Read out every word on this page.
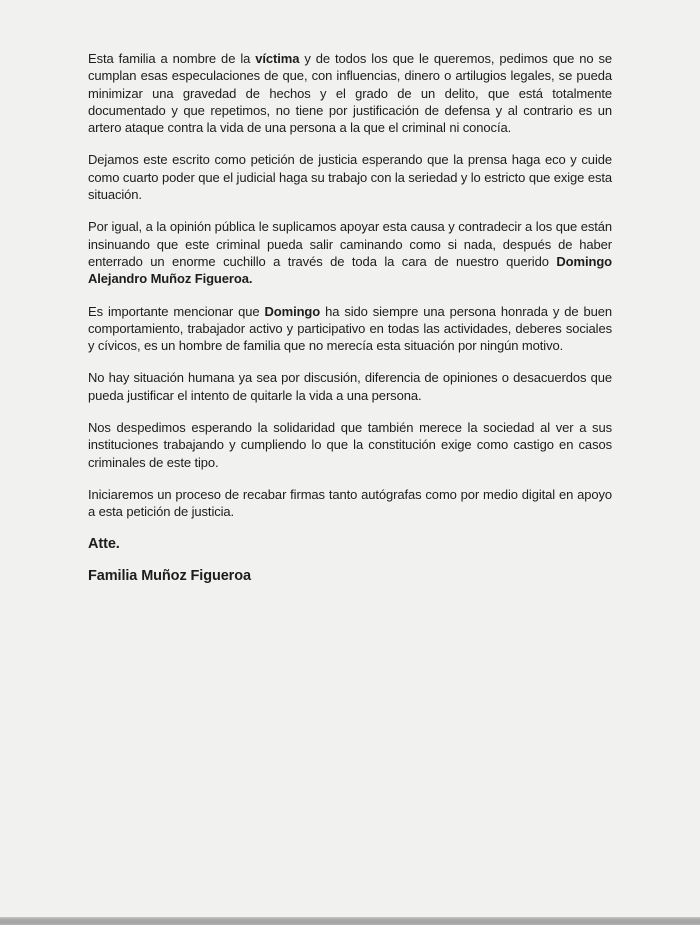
Esta familia a nombre de la víctima y de todos los que le queremos, pedimos que no se cumplan esas especulaciones de que, con influencias, dinero o artilugios legales, se pueda minimizar una gravedad de hechos y el grado de un delito, que está totalmente documentado y que repetimos, no tiene por justificación de defensa y al contrario es un artero ataque contra la vida de una persona a la que el criminal ni conocía.

Dejamos este escrito como petición de justicia esperando que la prensa haga eco y cuide como cuarto poder que el judicial haga su trabajo con la seriedad y lo estricto que exige esta situación.

Por igual, a la opinión pública le suplicamos apoyar esta causa y contradecir a los que están insinuando que este criminal pueda salir caminando como si nada, después de haber enterrado un enorme cuchillo a través de toda la cara de nuestro querido Domingo Alejandro Muñoz Figueroa.

Es importante mencionar que Domingo ha sido siempre una persona honrada y de buen comportamiento, trabajador activo y participativo en todas las actividades, deberes sociales y cívicos, es un hombre de familia que no merecía esta situación por ningún motivo.

No hay situación humana ya sea por discusión, diferencia de opiniones o desacuerdos que pueda justificar el intento de quitarle la vida a una persona.

Nos despedimos esperando la solidaridad que también merece la sociedad al ver a sus instituciones trabajando y cumpliendo lo que la constitución exige como castigo en casos criminales de este tipo.

Iniciaremos un proceso de recabar firmas tanto autógrafas como por medio digital en apoyo a esta petición de justicia.

Atte.

Familia Muñoz Figueroa
